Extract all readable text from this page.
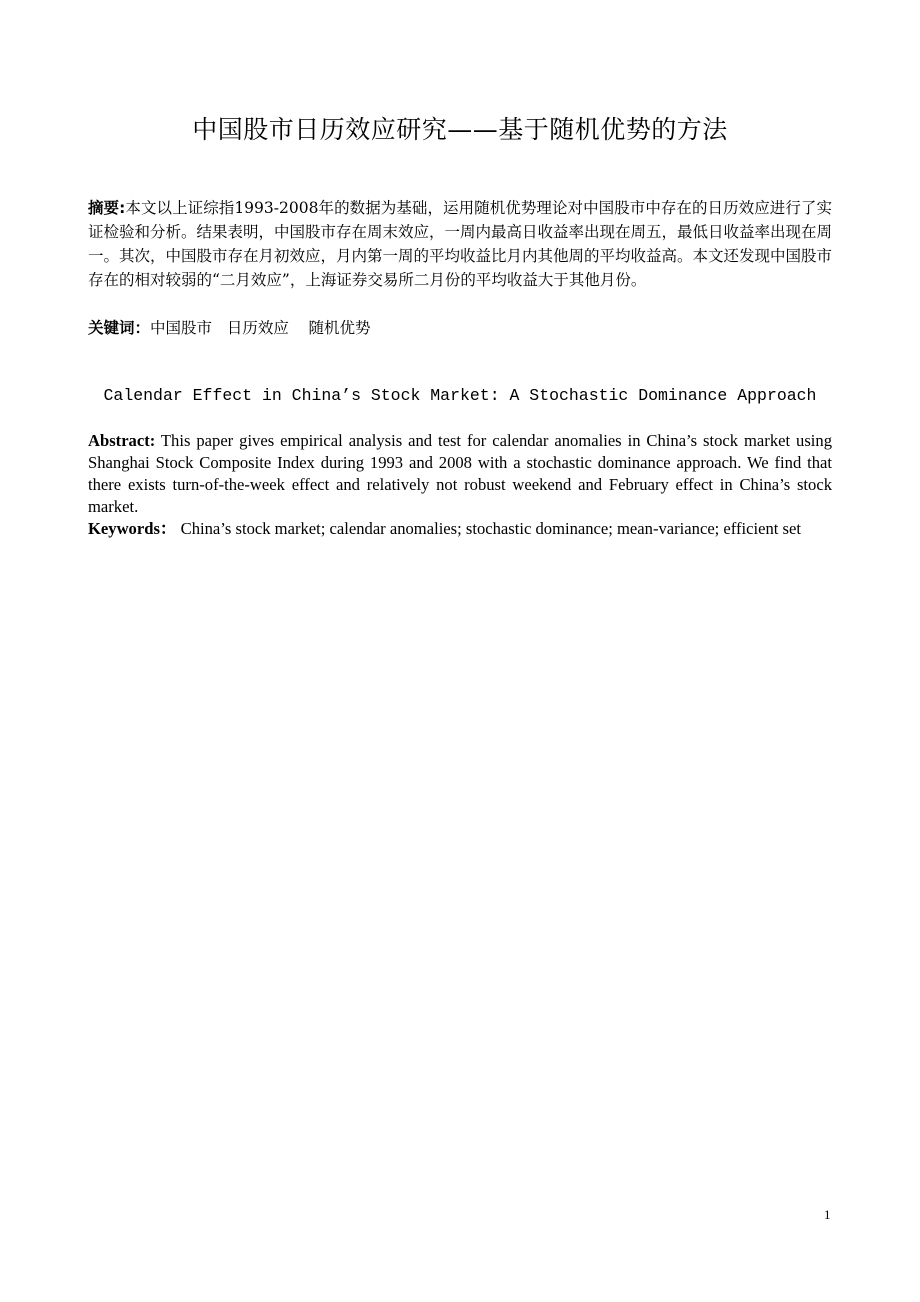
中国股市日历效应研究——基于随机优势的方法
摘要:本文以上证综指1993-2008年的数据为基础，运用随机优势理论对中国股市中存在的日历效应进行了实证检验和分析。结果表明，中国股市存在周末效应，一周内最高日收益率出现在周五，最低日收益率出现在周一。其次，中国股市存在月初效应，月内第一周的平均收益比月内其他周的平均收益高。本文还发现中国股市存在的相对较弱的“二月效应”，上海证券交易所二月份的平均收益大于其他月份。
关键词：中国股市 日历效应 随机优势
Calendar Effect in China’s Stock Market: A Stochastic Dominance Approach
Abstract: This paper gives empirical analysis and test for calendar anomalies in China’s stock market using Shanghai Stock Composite Index during 1993 and 2008 with a stochastic dominance approach. We find that there exists turn-of-the-week effect and relatively not robust weekend and February effect in China’s stock market.
Keywords： China’s stock market; calendar anomalies; stochastic dominance; mean-variance; efficient set
1
